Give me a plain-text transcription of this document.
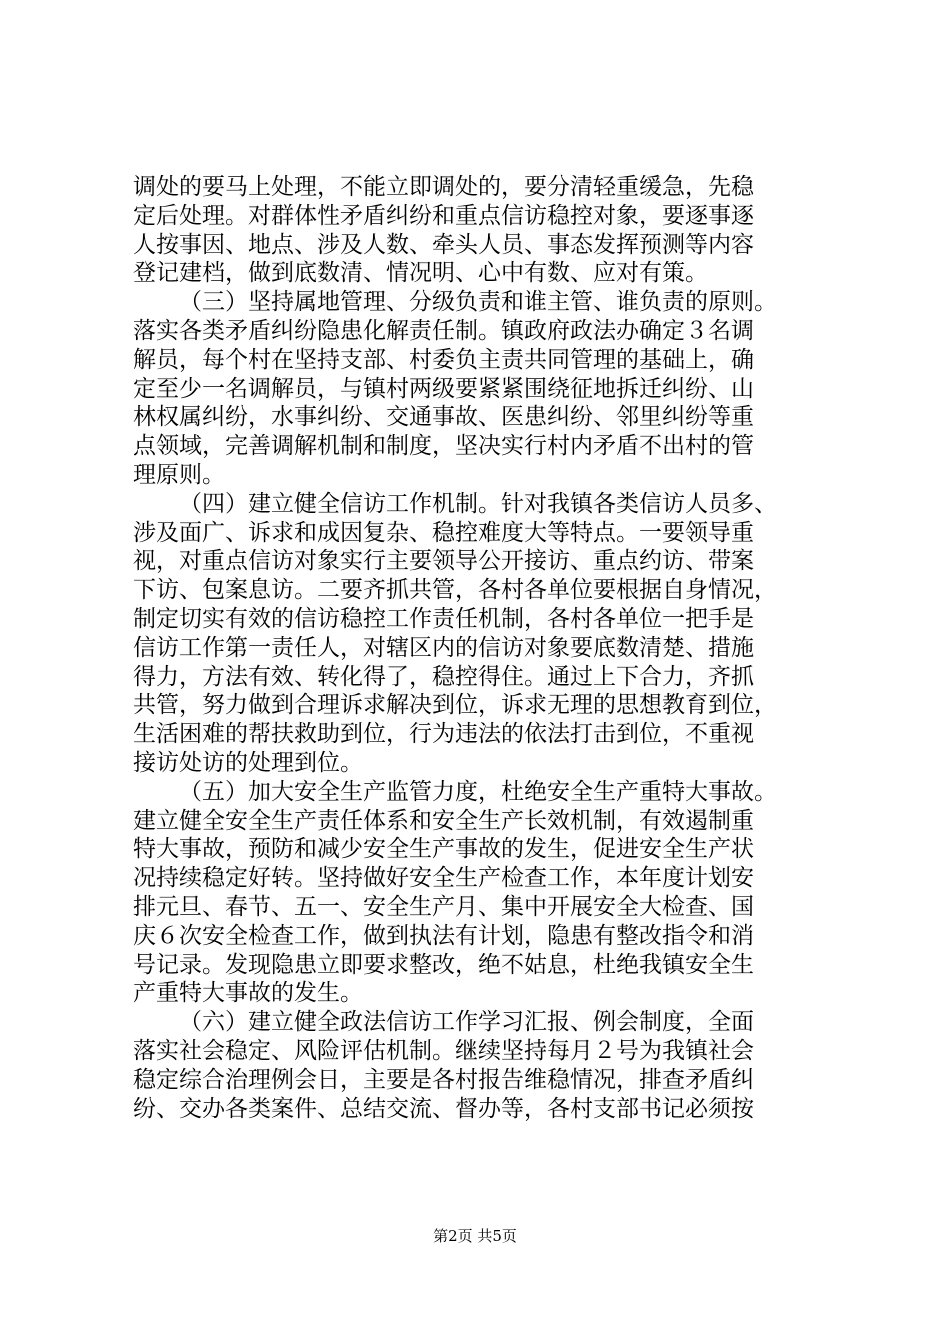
调处的要马上处理，不能立即调处的，要分清轻重缓急，先稳
定后处理。对群体性矛盾纠纷和重点信访稳控对象，要逐事逐
人按事因、地点、涉及人数、牵头人员、事态发挥预测等内容
登记建档，做到底数清、情况明、心中有数、应对有策。
（三）坚持属地管理、分级负责和谁主管、谁负责的原则。
落实各类矛盾纠纷隐患化解责任制。镇政府政法办确定３名调
解员，每个村在坚持支部、村委负主责共同管理的基础上，确
定至少一名调解员，与镇村两级要紧紧围绕征地拆迁纠纷、山
林权属纠纷，水事纠纷、交通事故、医患纠纷、邻里纠纷等重
点领域，完善调解机制和制度，坚决实行村内矛盾不出村的管
理原则。
（四）建立健全信访工作机制。针对我镇各类信访人员多、
涉及面广、诉求和成因复杂、稳控难度大等特点。一要领导重
视，对重点信访对象实行主要领导公开接访、重点约访、带案
下访、包案息访。二要齐抓共管，各村各单位要根据自身情况，
制定切实有效的信访稳控工作责任机制，各村各单位一把手是
信访工作第一责任人，对辖区内的信访对象要底数清楚、措施
得力，方法有效、转化得了，稳控得住。通过上下合力，齐抓
共管，努力做到合理诉求解决到位，诉求无理的思想教育到位，
生活困难的帮扶救助到位，行为违法的依法打击到位，不重视
接访处访的处理到位。
（五）加大安全生产监管力度，杜绝安全生产重特大事故。
建立健全安全生产责任体系和安全生产长效机制，有效遏制重
特大事故，预防和减少安全生产事故的发生，促进安全生产状
况持续稳定好转。坚持做好安全生产检查工作，本年度计划安
排元旦、春节、五一、安全生产月、集中开展安全大检查、国
庆６次安全检查工作，做到执法有计划，隐患有整改指令和消
号记录。发现隐患立即要求整改，绝不姑息，杜绝我镇安全生
产重特大事故的发生。
（六）建立健全政法信访工作学习汇报、例会制度，全面
落实社会稳定、风险评估机制。继续坚持每月２号为我镇社会
稳定综合治理例会日，主要是各村报告维稳情况，排查矛盾纠
纷、交办各类案件、总结交流、督办等，各村支部书记必须按
第2页 共5页
